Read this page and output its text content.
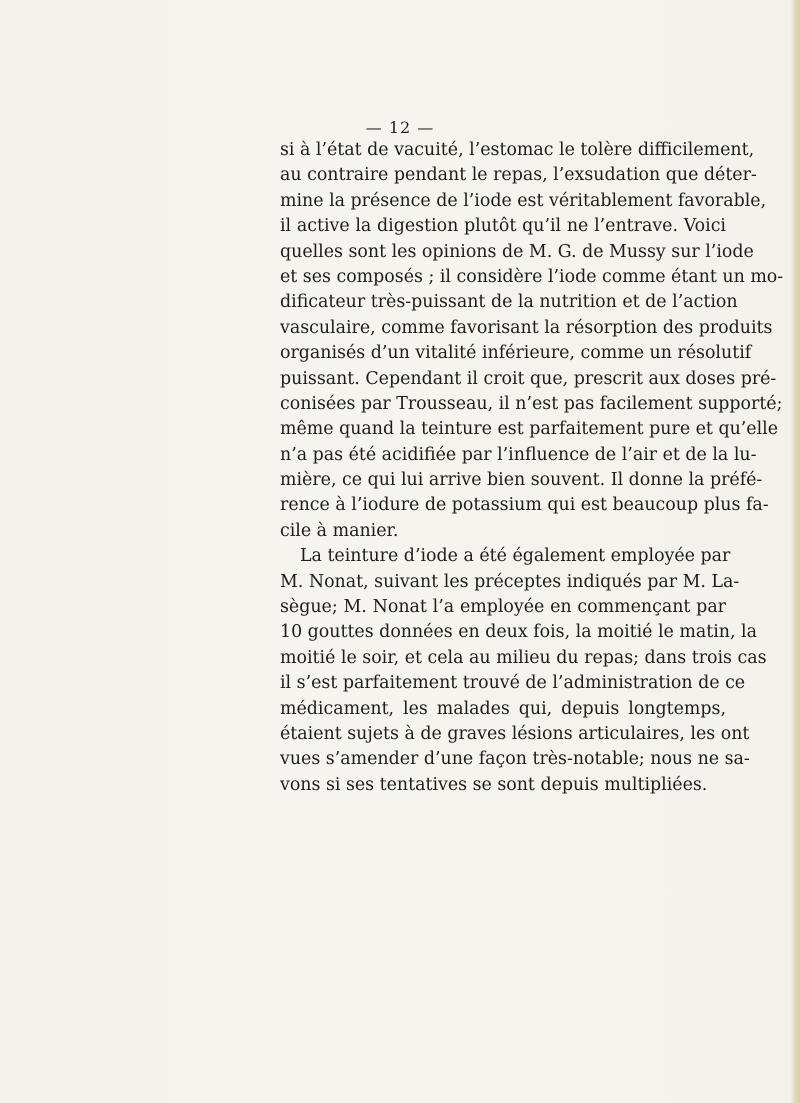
— 12 —
si à l’état de vacuité, l’estomac le tolère difficilement,
au contraire pendant le repas, l’exsudation que déter-
mine la présence de l’iode est véritablement favorable,
il active la digestion plutôt qu’il ne l’entrave. Voici
quelles sont les opinions de M. G. de Mussy sur l’iode
et ses composés ; il considère l’iode comme étant un mo-
dificateur très-puissant de la nutrition et de l’action
vasculaire, comme favorisant la résorption des produits
organisés d’un vitalité inférieure, comme un résolutif
puissant. Cependant il croit que, prescrit aux doses pré-
conisées par Trousseau, il n’est pas facilement supporté;
même quand la teinture est parfaitement pure et qu’elle
n’a pas été acidifiée par l’influence de l’air et de la lu-
mière, ce qui lui arrive bien souvent. Il donne la préfé-
rence à l’iodure de potassium qui est beaucoup plus fa-
cile à manier.
La teinture d’iode a été également employée par
M. Nonat, suivant les préceptes indiqués par M. La-
sègue; M. Nonat l’a employée en commençant par
10 gouttes données en deux fois, la moitié le matin, la
moitié le soir, et cela au milieu du repas; dans trois cas
il s’est parfaitement trouvé de l’administration de ce
médicament, les malades qui, depuis longtemps,
étaient sujets à de graves lésions articulaires, les ont
vues s’amender d’une façon très-notable; nous ne sa-
vons si ses tentatives se sont depuis multipliées.
